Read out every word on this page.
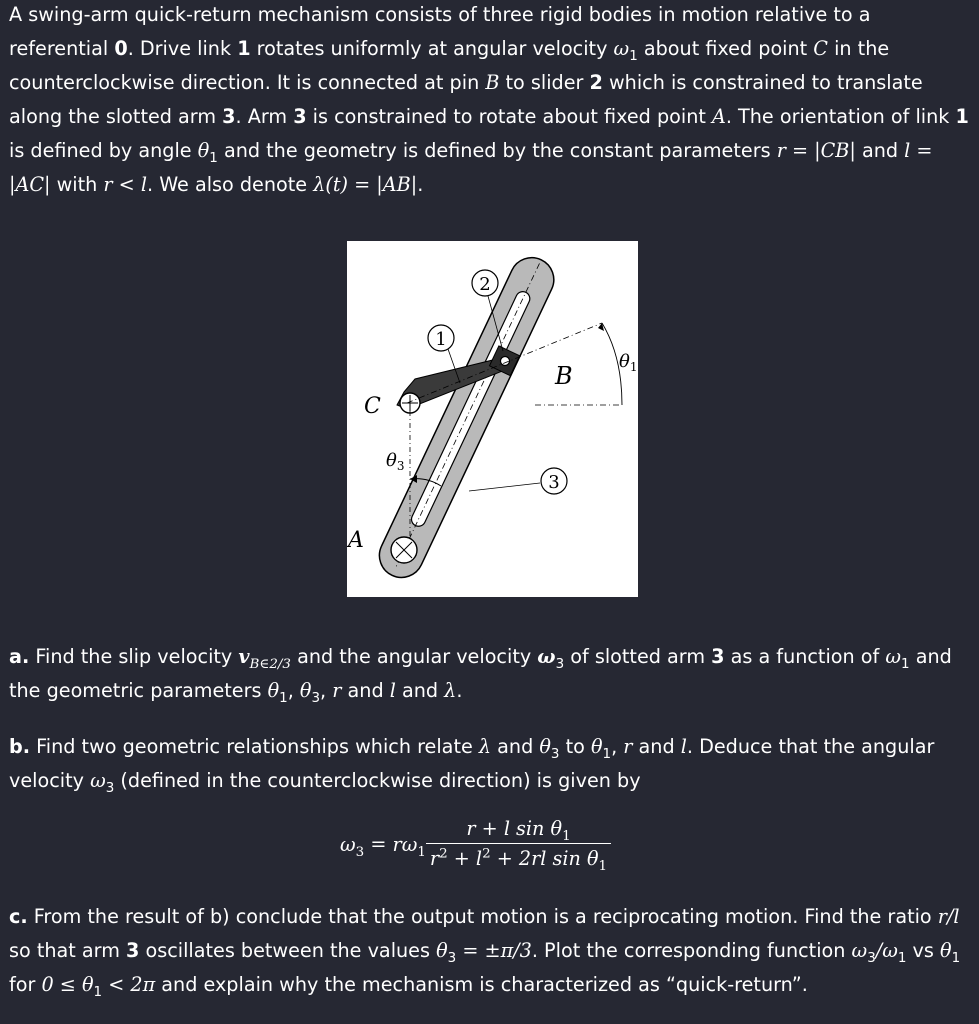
A swing-arm quick-return mechanism consists of three rigid bodies in motion relative to a referential 0. Drive link 1 rotates uniformly at angular velocity $\omega_1$ about fixed point C in the counterclockwise direction. It is connected at pin B to slider 2 which is constrained to translate along the slotted arm 3. Arm 3 is constrained to rotate about fixed point A. The orientation of link 1 is defined by angle $\theta_1$ and the geometry is defined by the constant parameters r = |CB| and l = |AC| with r < l. We also denote λ(t) = |AB|.

2
1
3
C
A
B
$\theta_1$
$\theta_3$

a. Find the slip velocity $v_{B\in 2/3}$ and the angular velocity $\omega_3$ of slotted arm 3 as a function of $\omega_1$ and the geometric parameters $\theta_1$, $\theta_3$, r and l and λ.

b. Find two geometric relationships which relate λ and $\theta_3$ to $\theta_1$, r and l. Deduce that the angular velocity $\omega_3$ (defined in the counterclockwise direction) is given by

$\omega_3 = r\omega_1 \frac{r + l \sin \theta_1}{r^2 + l^2 + 2rl \sin \theta_1}$

c. From the result of b) conclude that the output motion is a reciprocating motion. Find the ratio r/l so that arm 3 oscillates between the values $\theta_3 = \pm\pi/3$. Plot the corresponding function $\omega_3/\omega_1$ vs $\theta_1$ for $0 \le \theta_1 < 2\pi$ and explain why the mechanism is characterized as “quick-return”.
